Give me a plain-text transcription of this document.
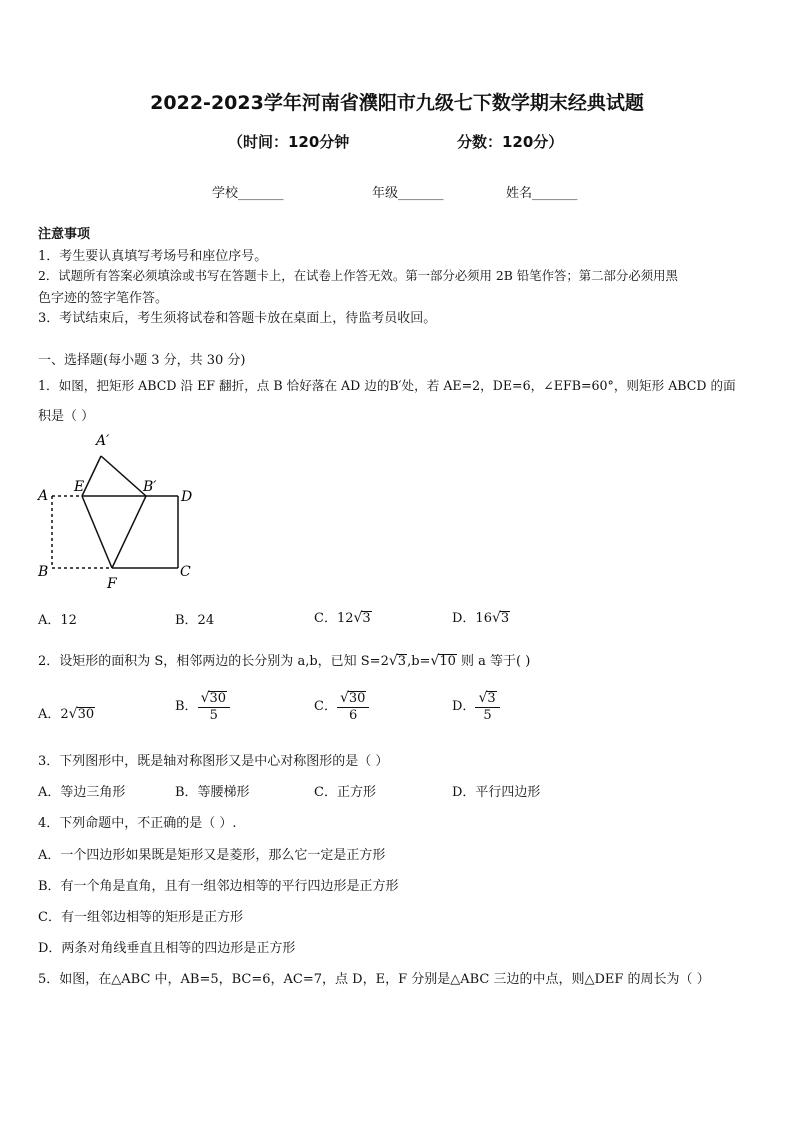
2022-2023学年河南省濮阳市九级七下数学期末经典试题
（时间：120分钟	分数：120分）
学校_______	年级_______	姓名_______
注意事项
1．考生要认真填写考场号和座位序号。
2．试题所有答案必须填涂或书写在答题卡上，在试卷上作答无效。第一部分必须用 2B 铅笔作答；第二部分必须用黑
色字迹的签字笔作答。
3．考试结束后，考生须将试卷和答题卡放在桌面上，待监考员收回。
一、选择题(每小题 3 分，共 30 分)
1．如图，把矩形 ABCD 沿 EF 翻折，点 B 恰好落在 AD 边的B′处，若 AE=2，DE=6，∠EFB=60°，则矩形 ABCD 的面
积是（ ）
A
E	B′
D
A′
B
F
C
A．12	B．24	C．12√3	D．16√3
2．设矩形的面积为 S，相邻两边的长分别为 a,b，已知 S=2√3,b=√10 则 a 等于( )
A．2√30
B． $\frac{√30}{5}$	C． $\frac{√30}{6}$	D． $\frac{√3}{5}$
3．下列图形中，既是轴对称图形又是中心对称图形的是（ ）
A．等边三角形	B．等腰梯形	C．正方形	D．平行四边形
4．下列命题中，不正确的是（ ）.
A．一个四边形如果既是矩形又是菱形，那么它一定是正方形
B．有一个角是直角，且有一组邻边相等的平行四边形是正方形
C．有一组邻边相等的矩形是正方形
D．两条对角线垂直且相等的四边形是正方形
5．如图，在△ABC 中，AB=5，BC=6，AC=7，点 D，E，F 分别是△ABC 三边的中点，则△DEF 的周长为（ ）
